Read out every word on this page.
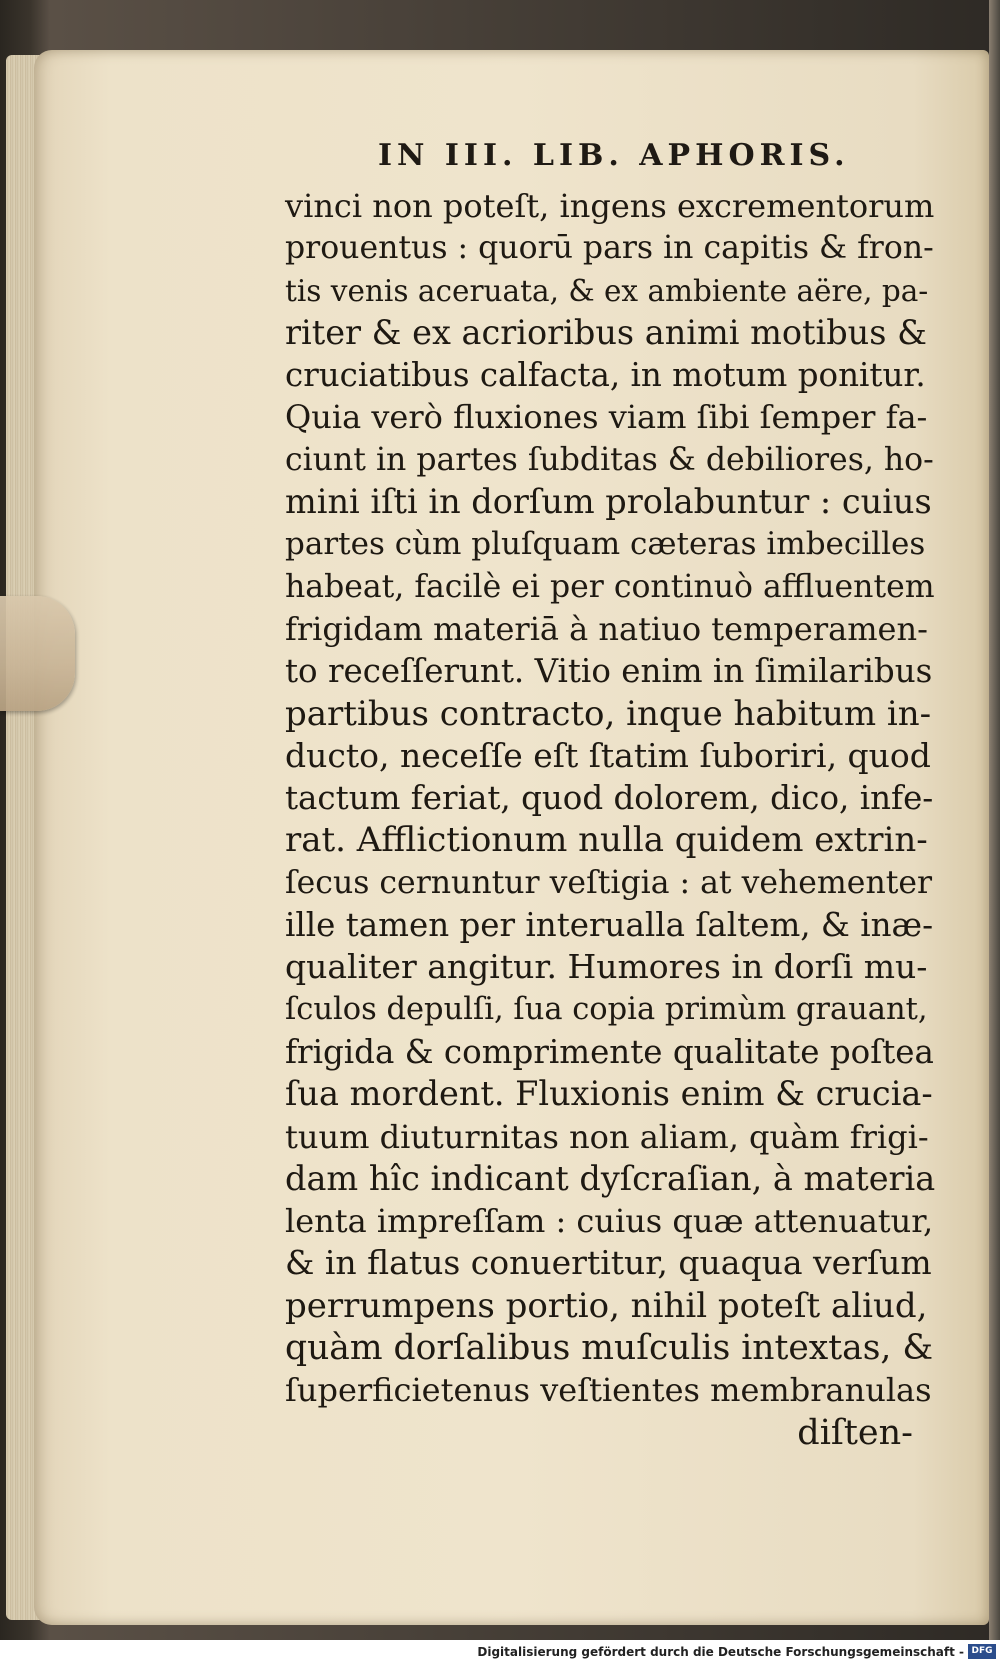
IN III. LIB. APHORIS.
vinci non poteſt, ingens excrementorum
prouentus : quorū pars in capitis & fron-
tis venis aceruata, & ex ambiente aëre, pa-
riter & ex acrioribus animi motibus &
cruciatibus calfacta, in motum ponitur.
Quia verò fluxiones viam ſibi ſemper fa-
ciunt in partes ſubditas & debiliores, ho-
mini iſti in dorſum prolabuntur : cuius
partes cùm pluſquam cæteras imbecilles
habeat, facilè ei per continuò affluentem
frigidam materiā à natiuo temperamen-
to receſſerunt. Vitio enim in ſimilaribus
partibus contracto, inque habitum in-
ducto, neceſſe eſt ſtatim ſuboriri, quod
tactum feriat, quod dolorem, dico, infe-
rat. Afflictionum nulla quidem extrin-
ſecus cernuntur veſtigia : at vehementer
ille tamen per interualla ſaltem, & inæ-
qualiter angitur. Humores in dorſi mu-
ſculos depulſi, ſua copia primùm grauant,
frigida & comprimente qualitate poſtea
ſua mordent. Fluxionis enim & crucia-
tuum diuturnitas non aliam, quàm frigi-
dam hîc indicant dyſcraſian, à materia
lenta impreſſam : cuius quæ attenuatur,
& in flatus conuertitur, quaqua verſum
perrumpens portio, nihil poteſt aliud,
quàm dorſalibus muſculis intextas, &
ſuperficietenus veſtientes membranulas
diſten-
Digitalisierung gefördert durch die Deutsche Forschungsgemeinschaft - DFG
